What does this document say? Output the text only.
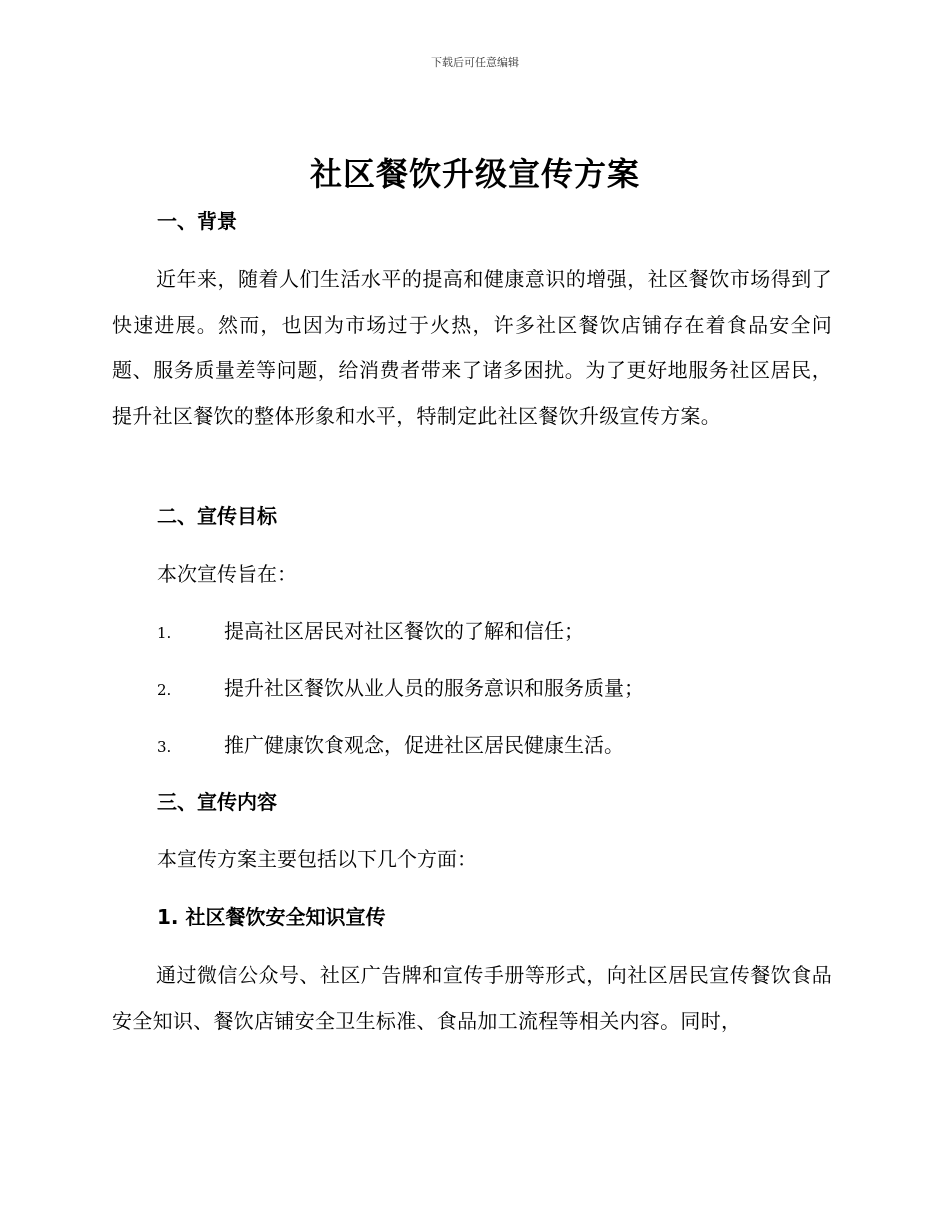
下载后可任意编辑
社区餐饮升级宣传方案
一、背景

近年来，随着人们生活水平的提高和健康意识的增强，社区餐饮市场得到了快速进展。然而，也因为市场过于火热，许多社区餐饮店铺存在着食品安全问题、服务质量差等问题，给消费者带来了诸多困扰。为了更好地服务社区居民，提升社区餐饮的整体形象和水平，特制定此社区餐饮升级宣传方案。

二、宣传目标

本次宣传旨在：

1.	提高社区居民对社区餐饮的了解和信任；
2.	提升社区餐饮从业人员的服务意识和服务质量；
3.	推广健康饮食观念，促进社区居民健康生活。
三、宣传内容

本宣传方案主要包括以下几个方面：

1. 社区餐饮安全知识宣传

通过微信公众号、社区广告牌和宣传手册等形式，向社区居民宣传餐饮食品安全知识、餐饮店铺安全卫生标准、食品加工流程等相关内容。同时，
